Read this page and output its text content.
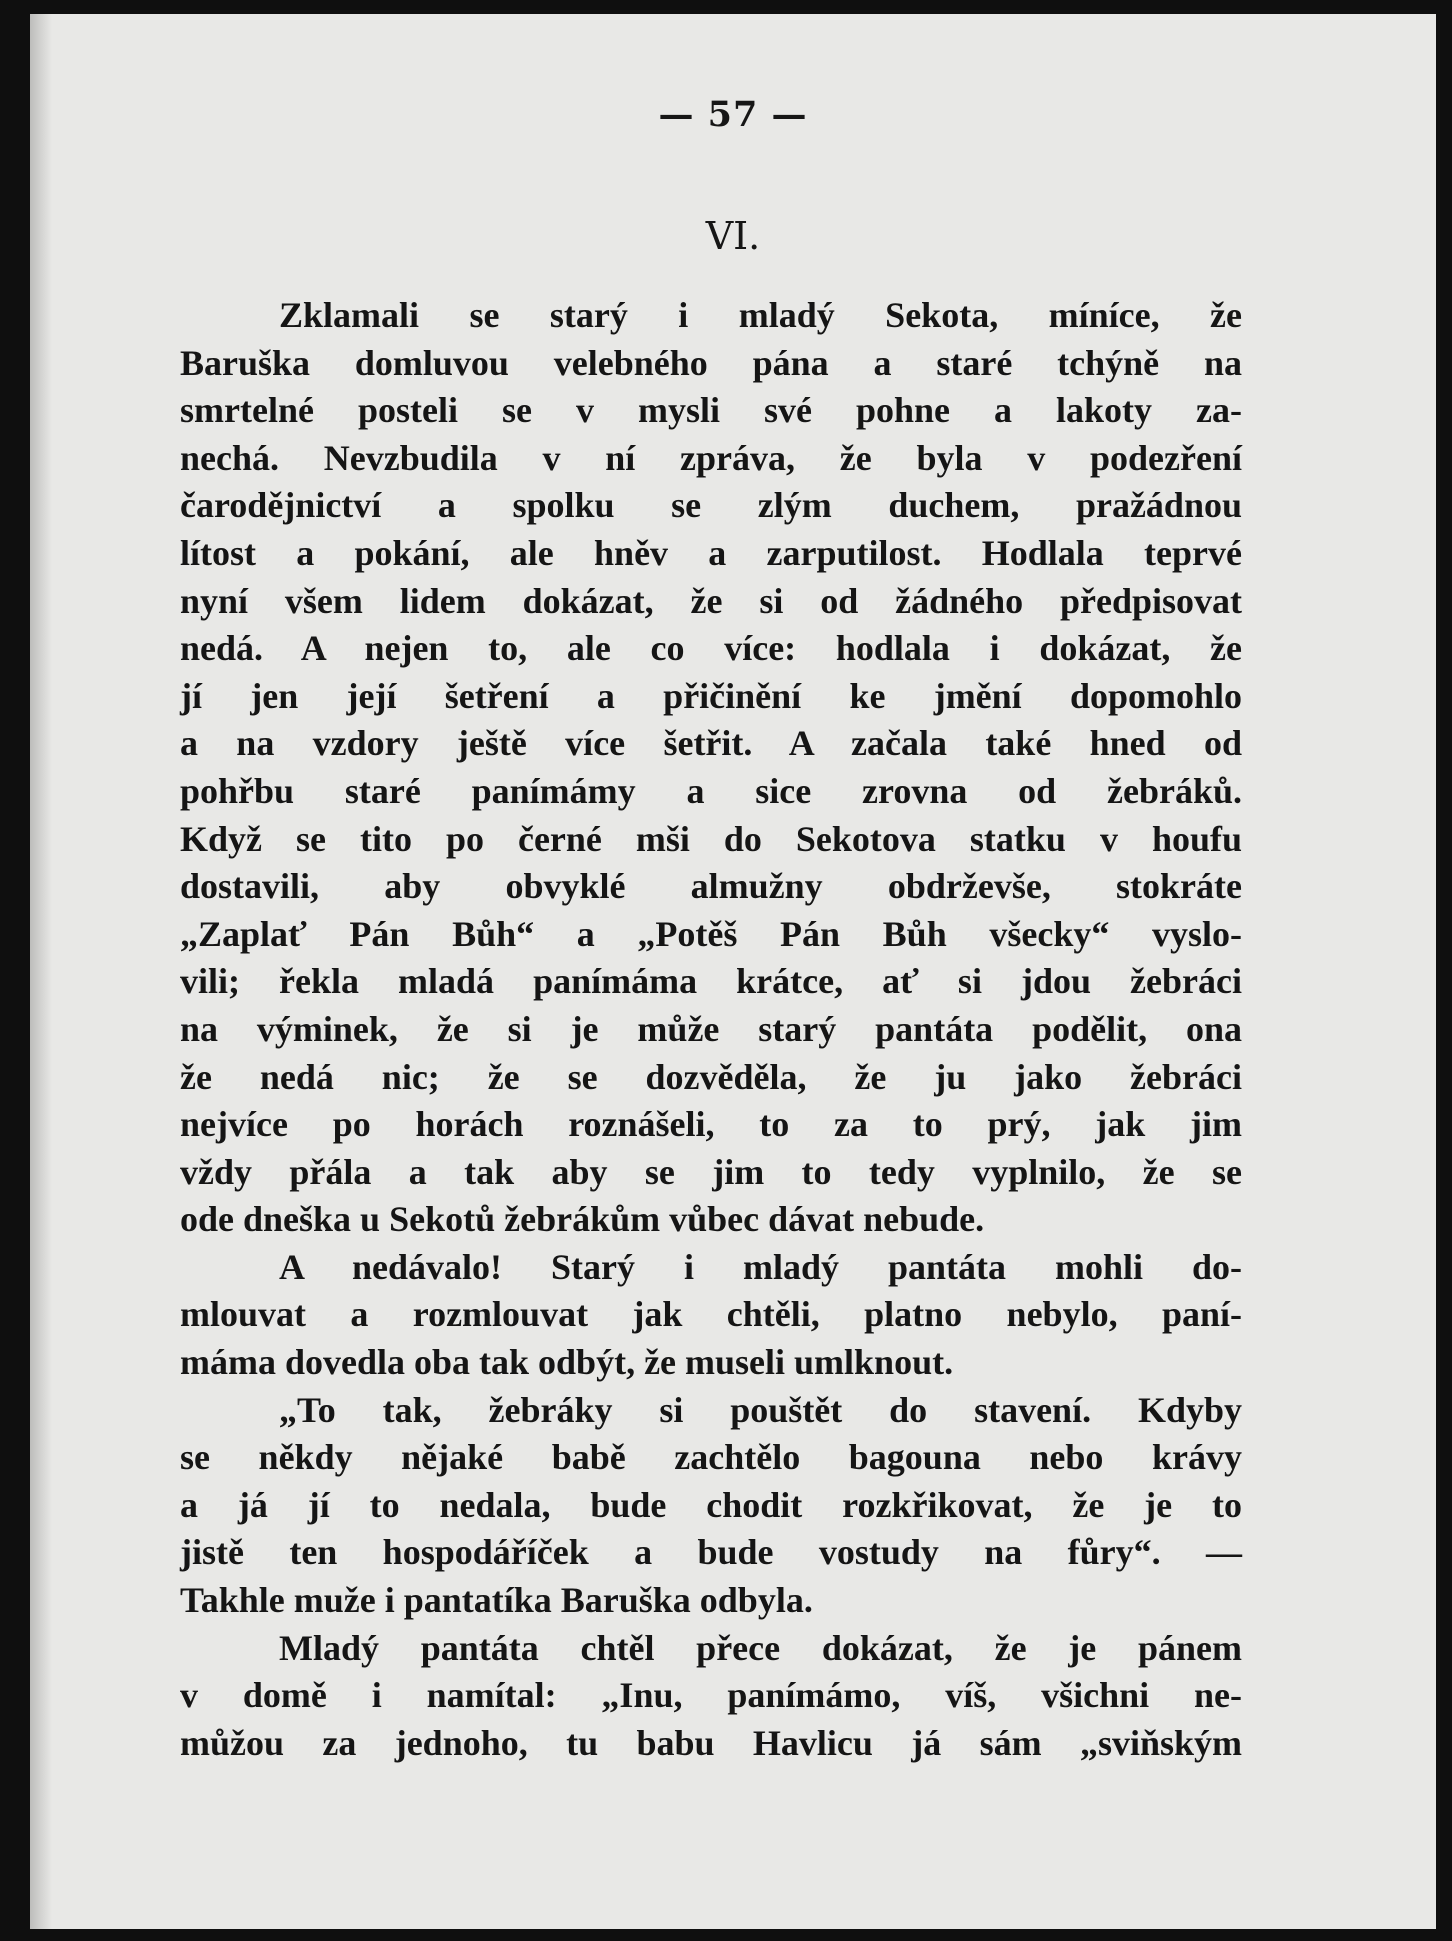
— 57 —
VI.
Zklamali se starý i mladý Sekota, míníce, že
Baruška domluvou velebného pána a staré tchýně na
smrtelné posteli se v mysli své pohne a lakoty za-
nechá. Nevzbudila v ní zpráva, že byla v podezření
čarodějnictví a spolku se zlým duchem, pražádnou
lítost a pokání, ale hněv a zarputilost. Hodlala teprvé
nyní všem lidem dokázat, že si od žádného předpisovat
nedá. A nejen to, ale co více: hodlala i dokázat, že
jí jen její šetření a přičinění ke jmění dopomohlo
a na vzdory ještě více šetřit. A začala také hned od
pohřbu staré panímámy a sice zrovna od žebráků.
Když se tito po černé mši do Sekotova statku v houfu
dostavili, aby obvyklé almužny obdrževše, stokráte
„Zaplať Pán Bůh“ a „Potěš Pán Bůh všecky“ vyslo-
vili; řekla mladá panímáma krátce, ať si jdou žebráci
na výminek, že si je může starý pantáta podělit, ona
že nedá nic; že se dozvěděla, že ju jako žebráci
nejvíce po horách roznášeli, to za to prý, jak jim
vždy přála a tak aby se jim to tedy vyplnilo, že se
ode dneška u Sekotů žebrákům vůbec dávat nebude.
A nedávalo! Starý i mladý pantáta mohli do-
mlouvat a rozmlouvat jak chtěli, platno nebylo, paní-
máma dovedla oba tak odbýt, že museli umlknout.
„To tak, žebráky si pouštět do stavení. Kdyby
se někdy nějaké babě zachtělo bagouna nebo krávy
a já jí to nedala, bude chodit rozkřikovat, že je to
jistě ten hospodáříček a bude vostudy na fůry“. —
Takhle muže i pantatíka Baruška odbyla.
Mladý pantáta chtěl přece dokázat, že je pánem
v domě i namítal: „Inu, panímámo, víš, všichni ne-
můžou za jednoho, tu babu Havlicu já sám „sviňským
